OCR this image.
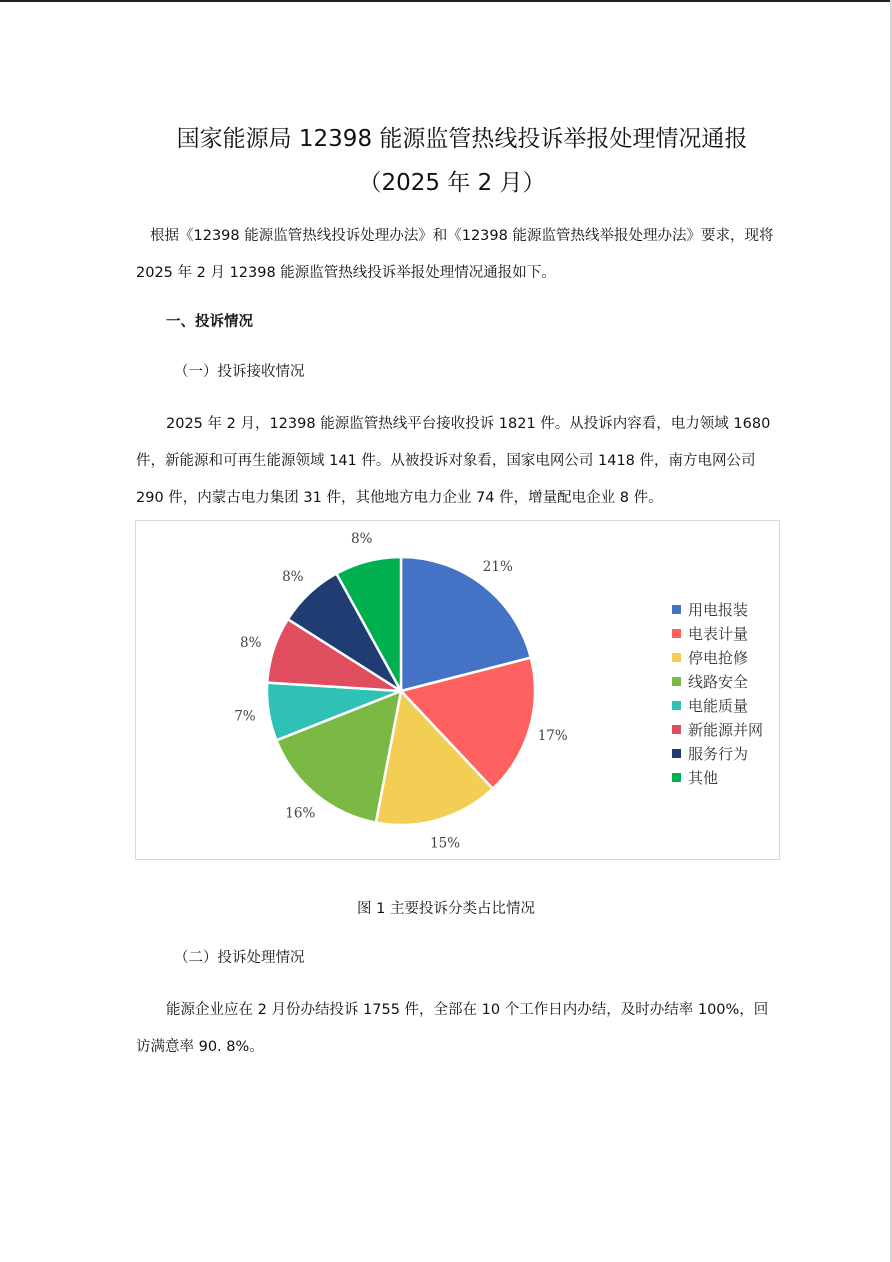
国家能源局 12398 能源监管热线投诉举报处理情况通报
（2025 年 2 月）
根据《12398 能源监管热线投诉处理办法》和《12398 能源监管热线举报处理办法》要求，现将 2025 年 2 月 12398 能源监管热线投诉举报处理情况通报如下。
一、投诉情况
（一）投诉接收情况
2025 年 2 月，12398 能源监管热线平台接收投诉 1821 件。从投诉内容看，电力领域 1680 件，新能源和可再生能源领域 141 件。从被投诉对象看，国家电网公司 1418 件，南方电网公司 290 件，内蒙古电力集团 31 件，其他地方电力企业 74 件，增量配电企业 8 件。
21%
17%
15%
16%
7%
8%
8%
8%
用电报装
电表计量
停电抢修
线路安全
电能质量
新能源并网
服务行为
其他
图 1 主要投诉分类占比情况
（二）投诉处理情况
能源企业应在 2 月份办结投诉 1755 件，全部在 10 个工作日内办结，及时办结率 100%，回访满意率 90. 8%。
